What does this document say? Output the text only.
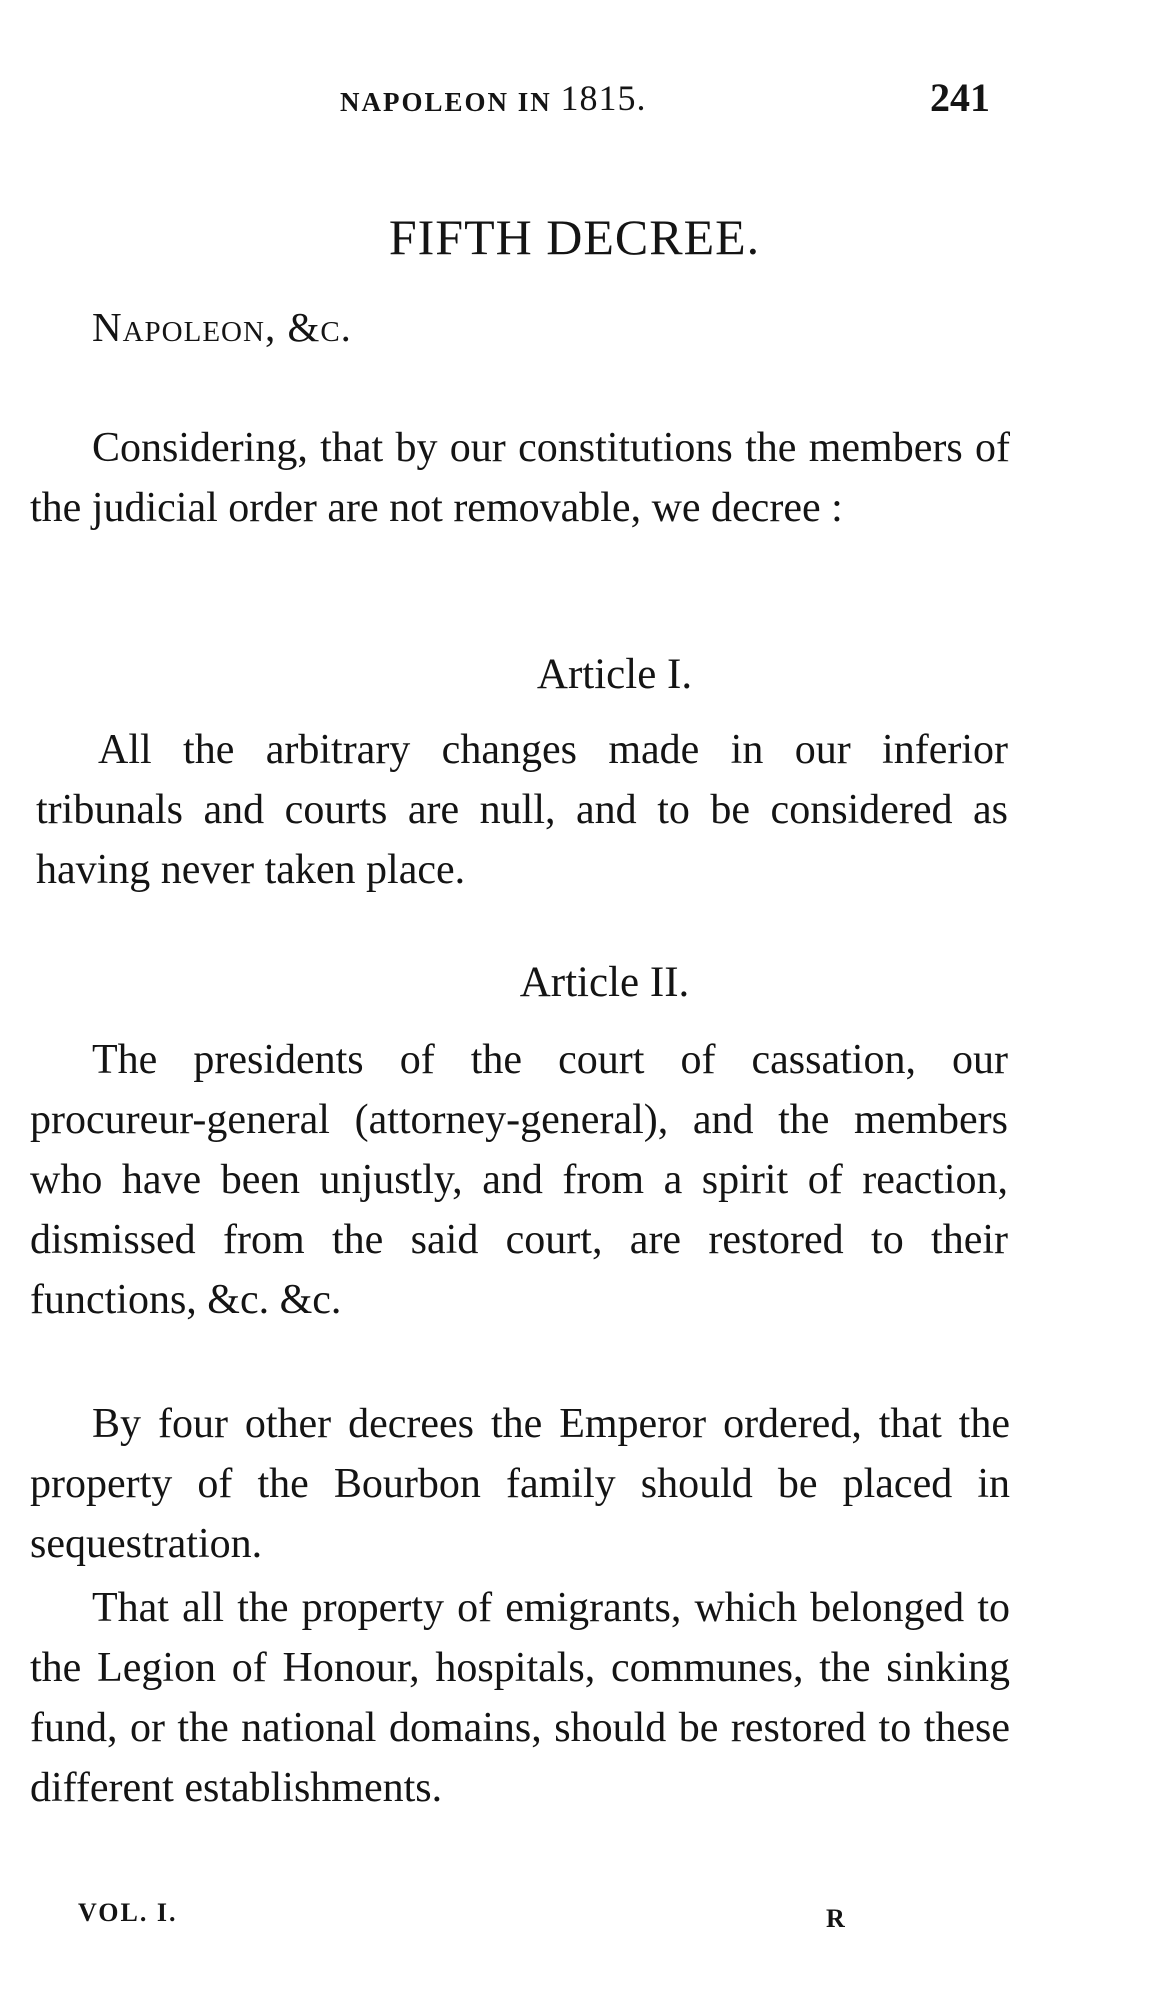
NAPOLEON IN 1815.	241
FIFTH DECREE.
Napoleon, &c.

Considering, that by our constitutions the members of the judicial order are not removable, we decree :

Article I.

All the arbitrary changes made in our inferior tribunals and courts are null, and to be considered as having never taken place.

Article II.

The presidents of the court of cassation, our procureur-general (attorney-general), and the members who have been unjustly, and from a spirit of reaction, dismissed from the said court, are restored to their functions, &c. &c.

By four other decrees the Emperor ordered, that the property of the Bourbon family should be placed in sequestration.

That all the property of emigrants, which belonged to the Legion of Honour, hospitals, communes, the sinking fund, or the national domains, should be restored to these different establishments.

VOL. I.	R
